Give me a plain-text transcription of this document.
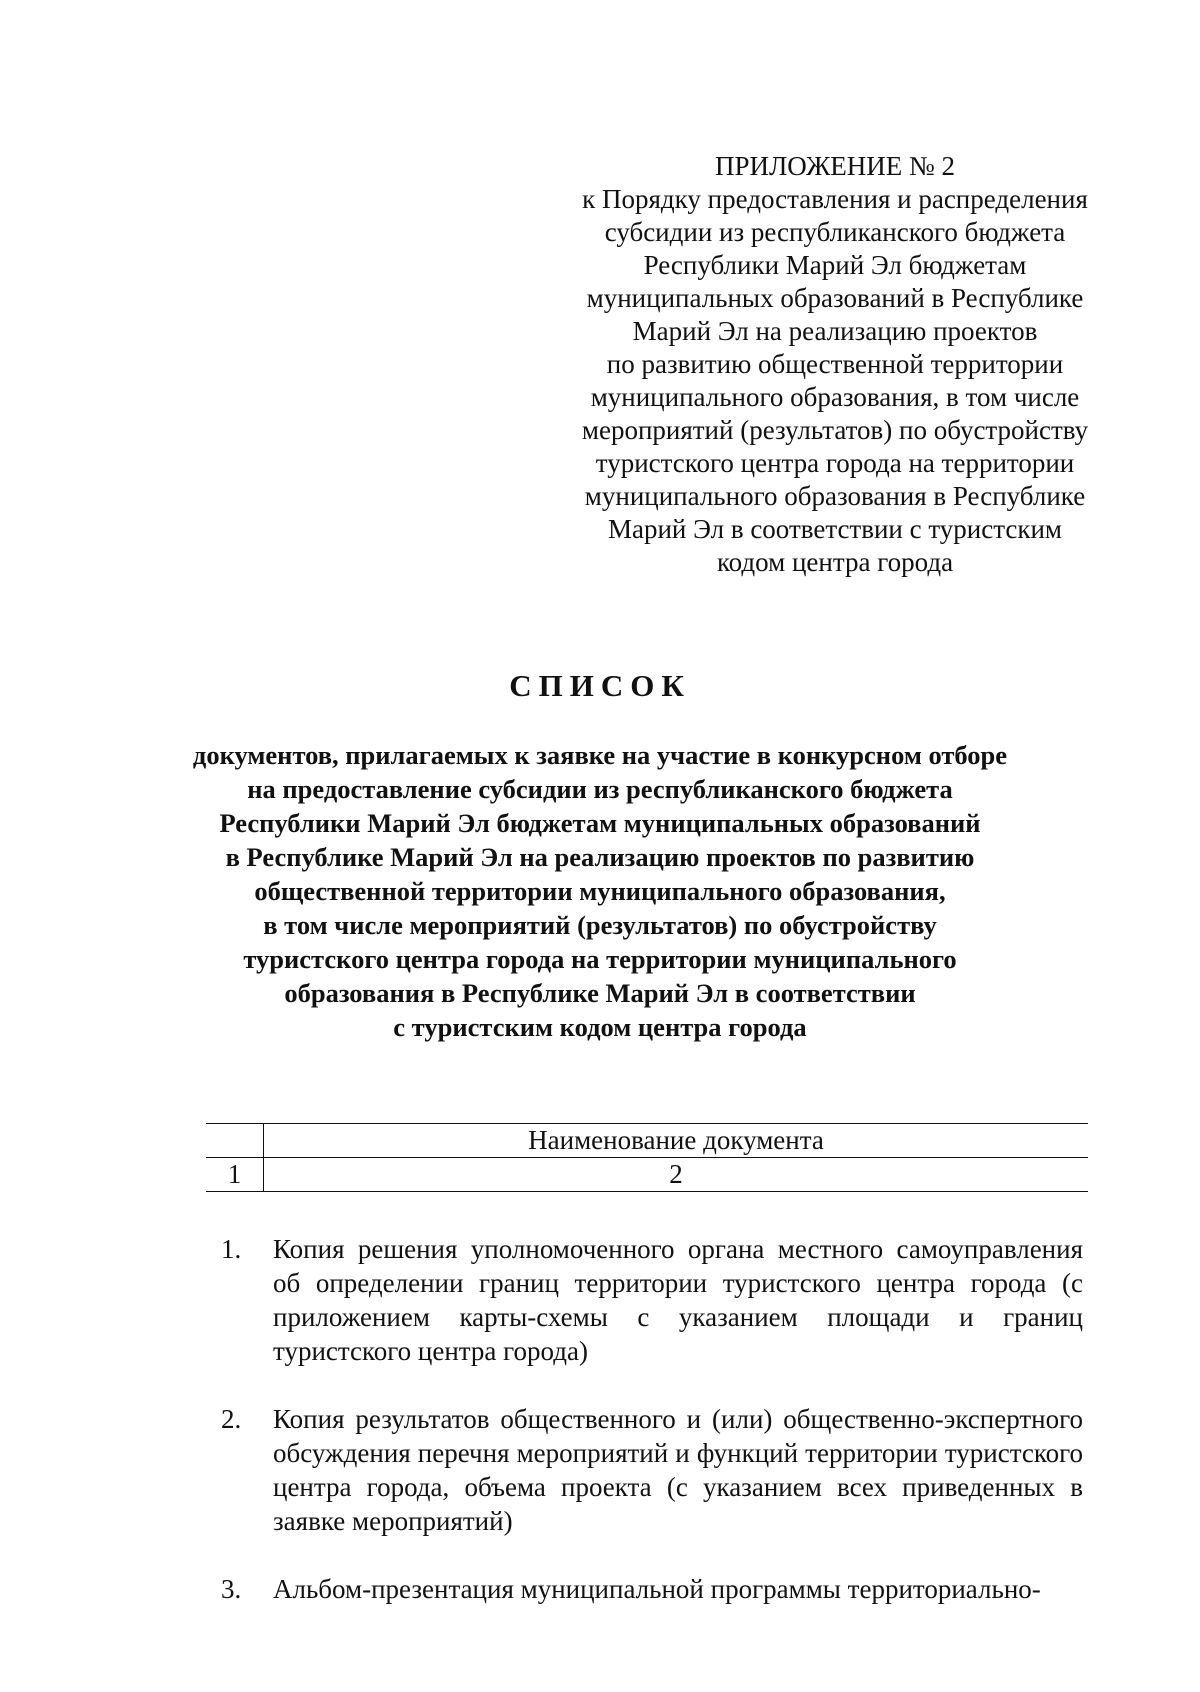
ПРИЛОЖЕНИЕ № 2
к Порядку предоставления и распределения
субсидии из республиканского бюджета
Республики Марий Эл бюджетам
муниципальных образований в Республике
Марий Эл на реализацию проектов
по развитию общественной территории
муниципального образования, в том числе
мероприятий (результатов) по обустройству
туристского центра города на территории
муниципального образования в Республике
Марий Эл в соответствии с туристским
кодом центра города
СПИСОК
документов, прилагаемых к заявке на участие в конкурсном отборе
на предоставление субсидии из республиканского бюджета
Республики Марий Эл бюджетам муниципальных образований
в Республике Марий Эл на реализацию проектов по развитию
общественной территории муниципального образования,
в том числе мероприятий (результатов) по обустройству
туристского центра города на территории муниципального
образования в Республике Марий Эл в соответствии
с туристским кодом центра города
	Наименование документа
1	2
1. Копия решения уполномоченного органа местного самоуправления об определении границ территории туристского центра города (с приложением карты-схемы с указанием площади и границ туристского центра города)
2. Копия результатов общественного и (или) общественно-экспертного обсуждения перечня мероприятий и функций территории туристского центра города, объема проекта (с указанием всех приведенных в заявке мероприятий)
3. Альбом-презентация муниципальной программы территориально-
